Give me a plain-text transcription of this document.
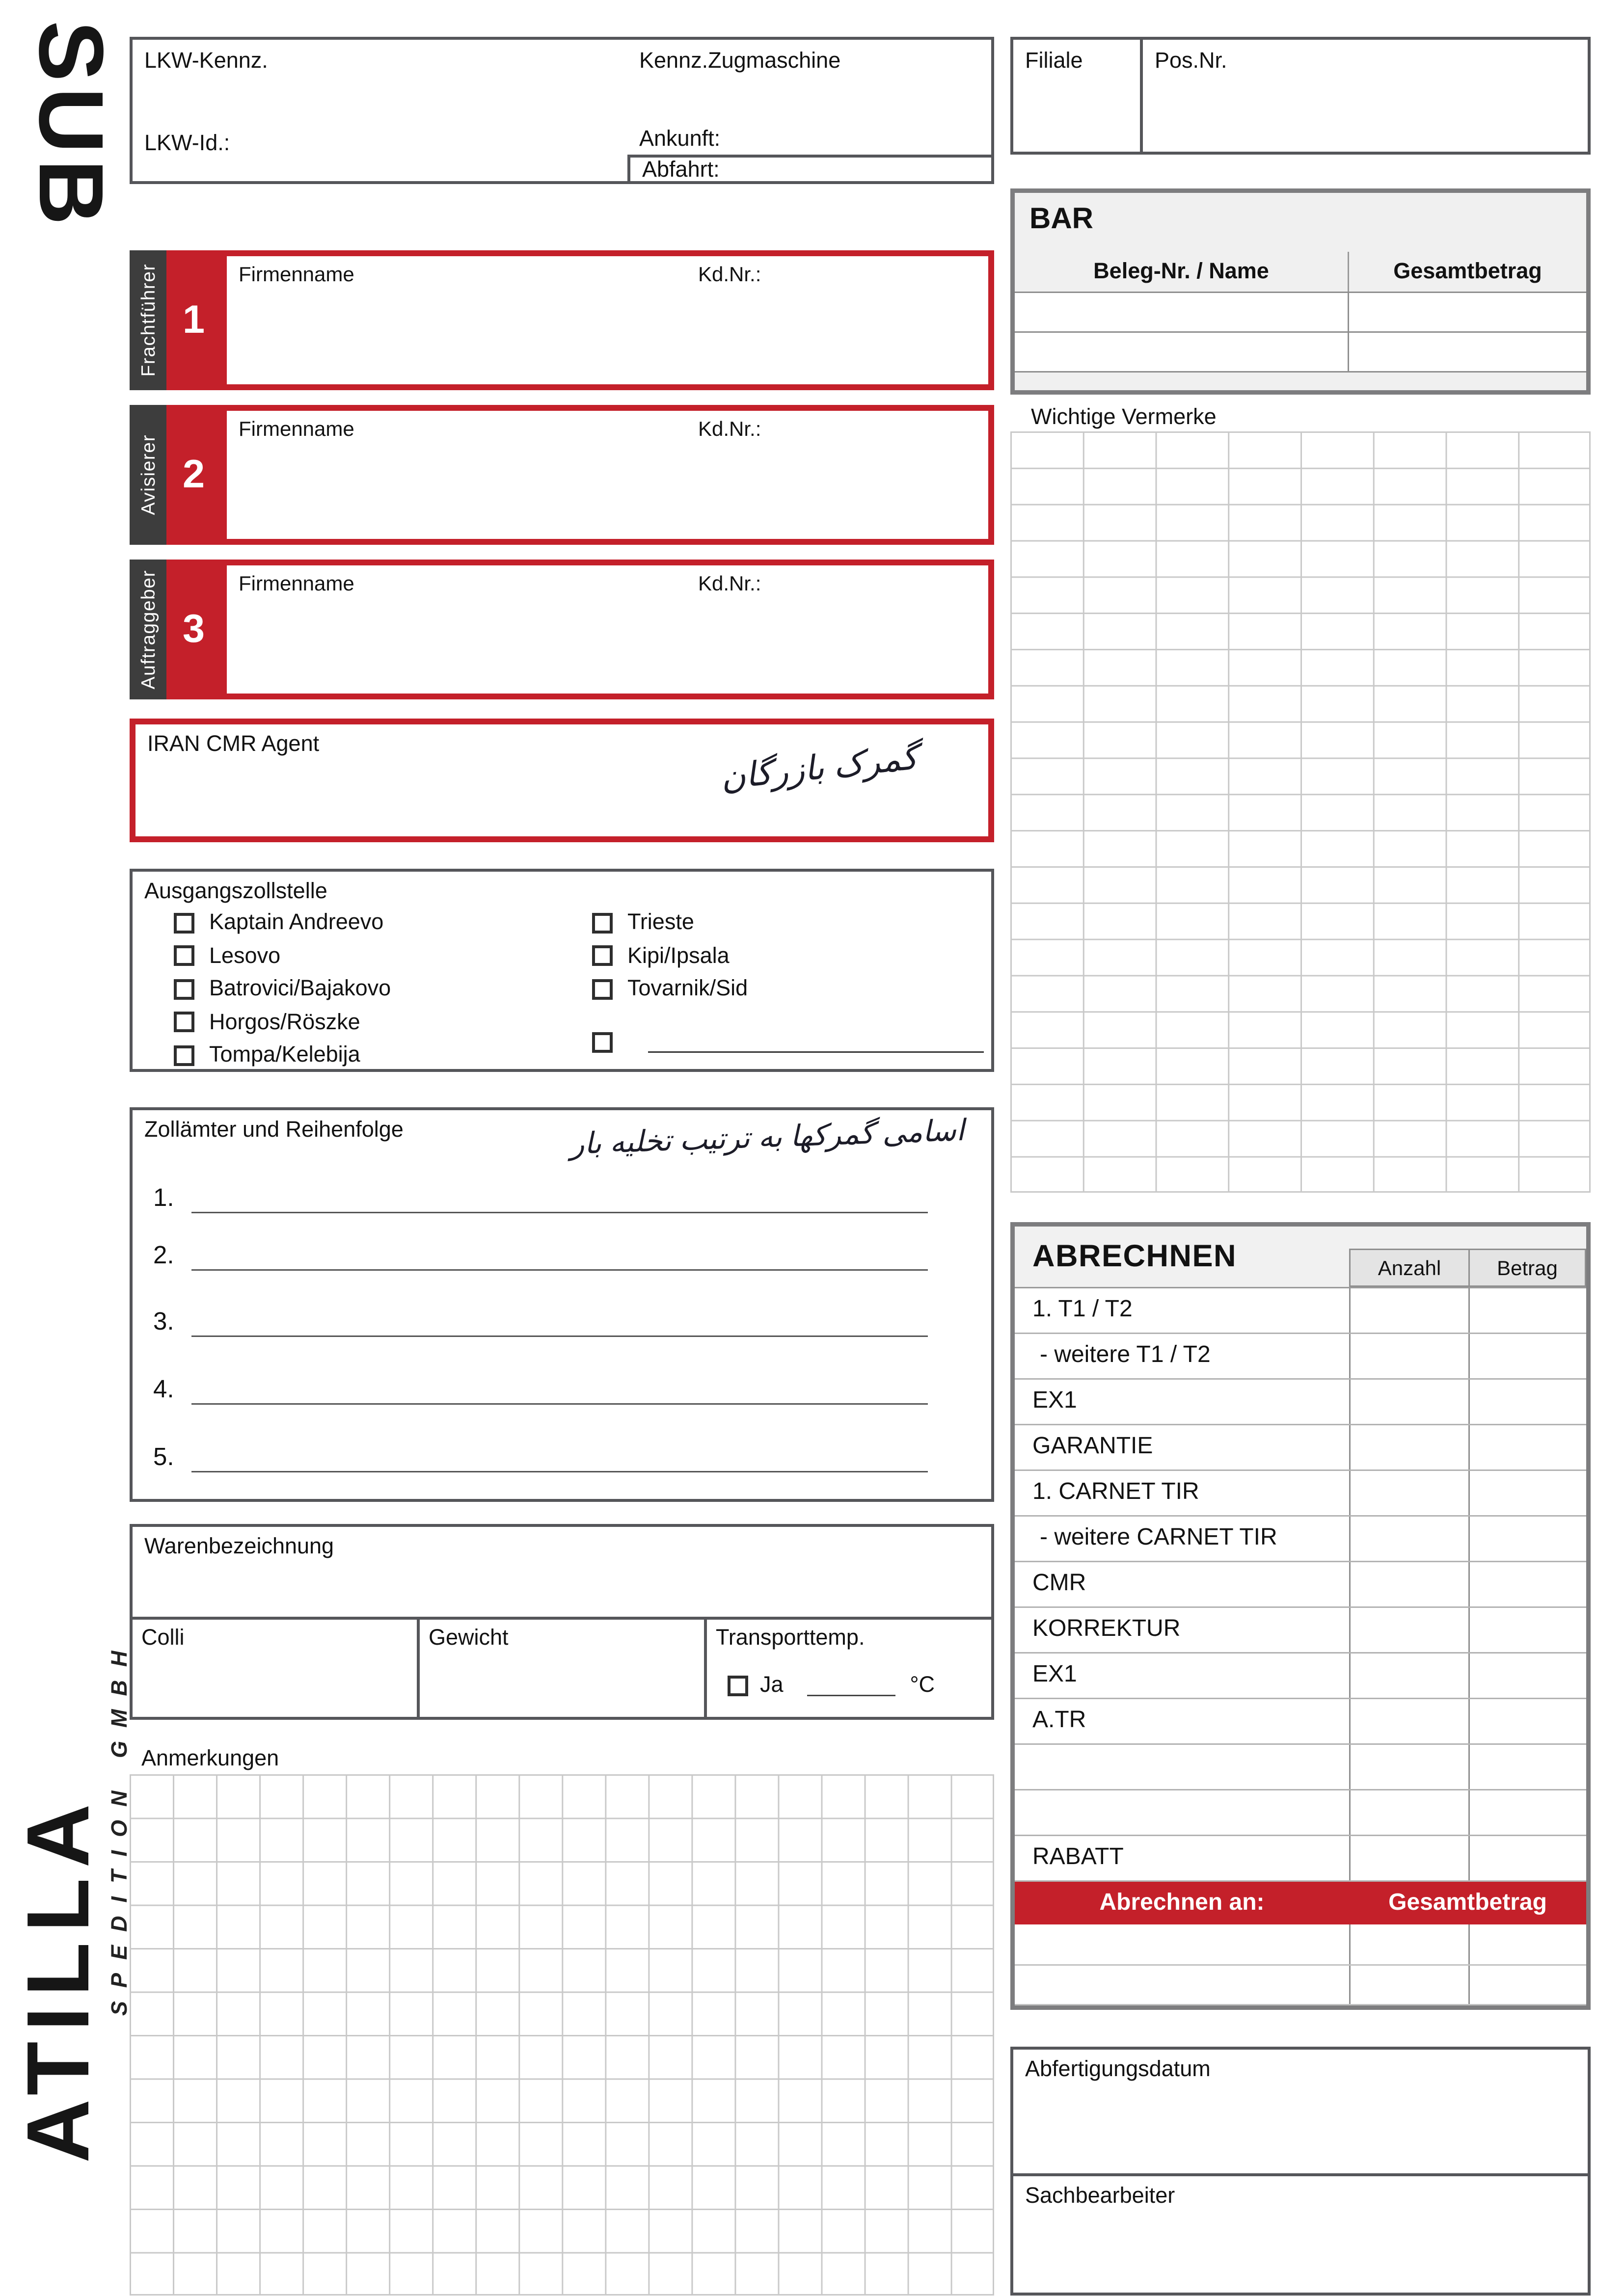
SUB	LKW-Kennz.	Kennz.Zugmaschine
LKW-Id.:	Ankunft:
Abfahrt:
Filiale	Pos.Nr.
BAR
Beleg-Nr. / Name	Gesamtbetrag
Frachtführer	1
Firmenname	Kd.Nr.:
Avisierer	2
Firmenname	Kd.Nr.:
Auftraggeber	3
Firmenname	Kd.Nr.:
IRAN CMR Agent	گمرک بازرگان
Ausgangszollstelle
Kaptain Andreevo
Lesovo
Batrovici/Bajakovo
Horgos/Röszke
Tompa/Kelebija
Trieste
Kipi/Ipsala
Tovarnik/Sid
Zollämter und Reihenfolge	اسامی گمرکها به ترتیب تخلیه بار
1.
2.
3.
4.
5.
Warenbezeichnung
Colli	Gewicht	Transporttemp.
Ja	°C
Anmerkungen
Wichtige Vermerke
ABRECHNEN	Anzahl	Betrag
1. T1 / T2
- weitere T1 / T2
EX1
GARANTIE
1. CARNET TIR
- weitere CARNET TIR
CMR
KORREKTUR
EX1
A.TR
RABATT
Abrechnen an:	Gesamtbetrag
Abfertigungsdatum
Sachbearbeiter
ATILLA SPEDITION GMBH
